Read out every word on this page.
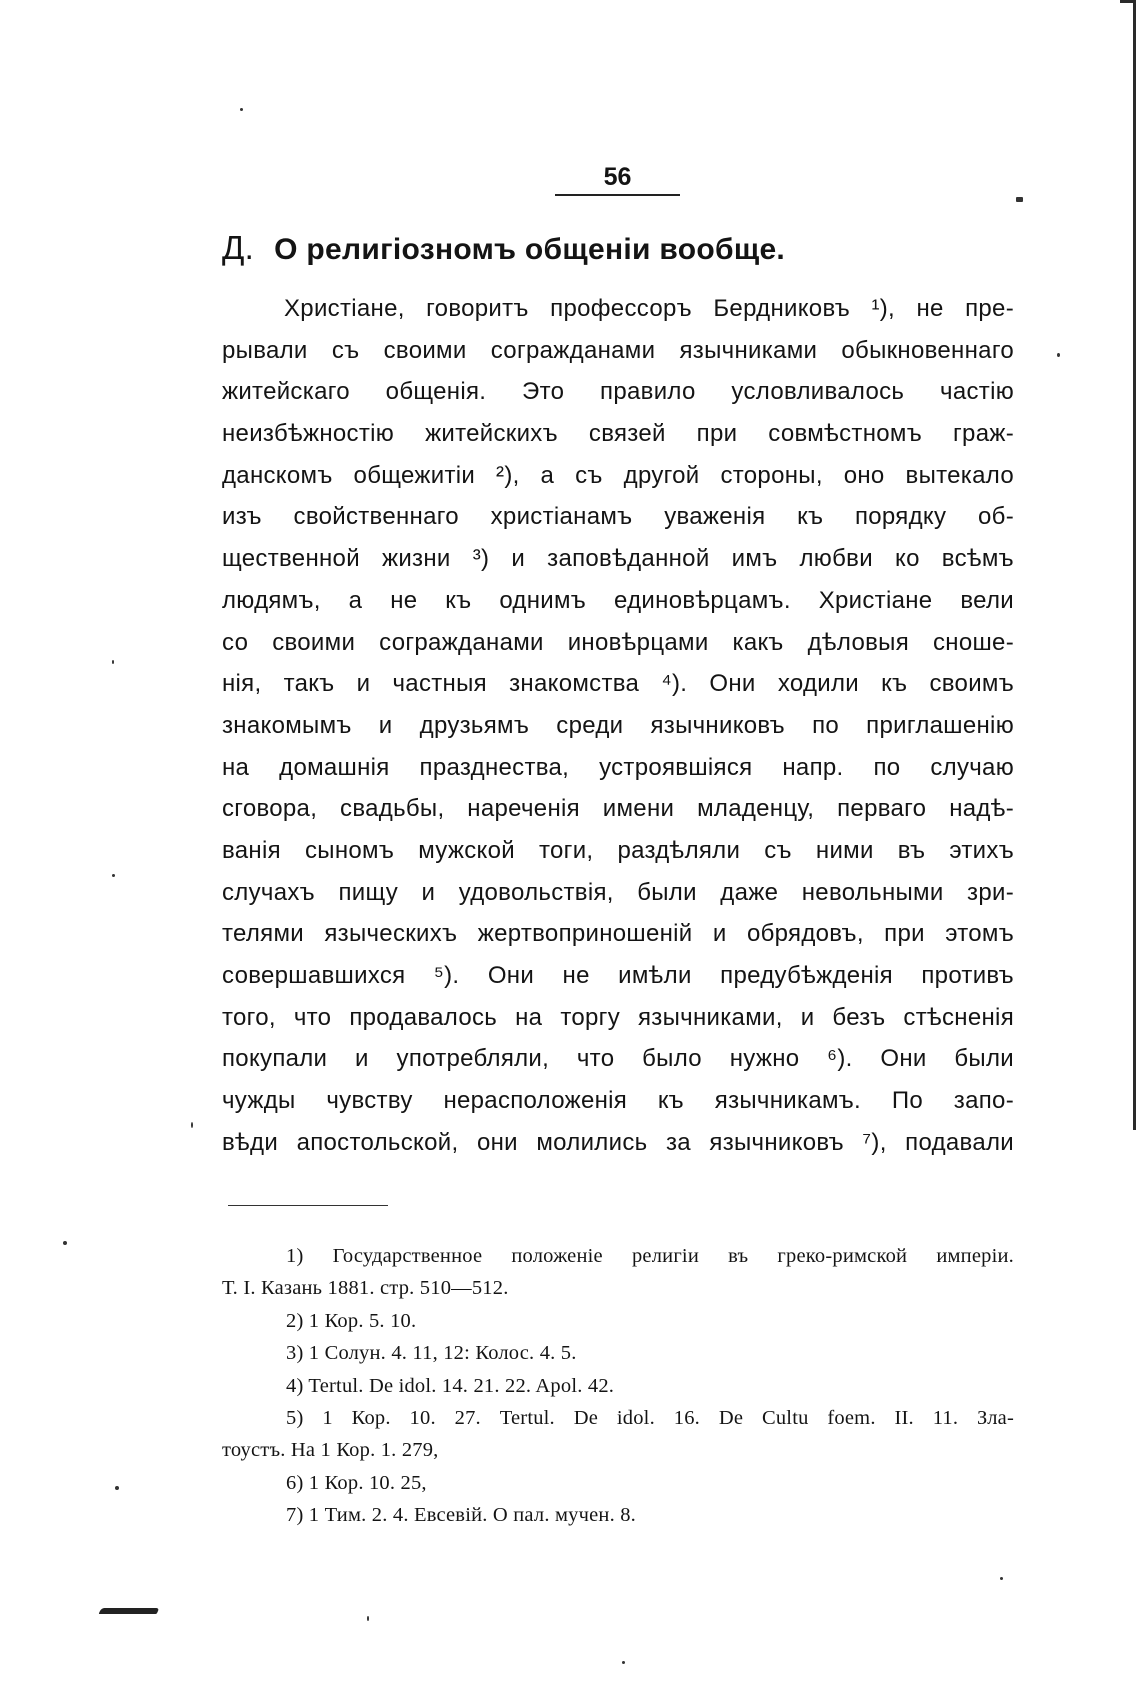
56
Д. О религіозномъ общеніи вообще.
Христіане, говоритъ профессоръ Бердниковъ ¹), не пре-
рывали съ своими согражданами язычниками обыкновеннаго
житейскаго общенія. Это правило условливалось частію
неизбѣжностію житейскихъ связей при совмѣстномъ граж-
данскомъ общежитіи ²), а съ другой стороны, оно вытекало
изъ свойственнаго христіанамъ уваженія къ порядку об-
щественной жизни ³) и заповѣданной имъ любви ко всѣмъ
людямъ, а не къ однимъ единовѣрцамъ. Христіане вели
со своими согражданами иновѣрцами какъ дѣловыя сноше-
нія, такъ и частныя знакомства ⁴). Они ходили къ своимъ
знакомымъ и друзьямъ среди язычниковъ по приглашенію
на домашнія празднества, устроявшіяся напр. по случаю
сговора, свадьбы, нареченія имени младенцу, перваго надѣ-
ванія сыномъ мужской тоги, раздѣляли съ ними въ этихъ
случахъ пищу и удовольствія, были даже невольными зри-
телями языческихъ жертвоприношеній и обрядовъ, при этомъ
совершавшихся ⁵). Они не имѣли предубѣжденія противъ
того, что продавалось на торгу язычниками, и безъ стѣсненія
покупали и употребляли, что было нужно ⁶). Они были
чужды чувству нерасположенія къ язычникамъ. По запо-
вѣди апостольской, они молились за язычниковъ ⁷), подавали
1) Государственное положеніе религіи въ греко-римской имперіи.
Т. I. Казань 1881. стр. 510—512.
2) 1 Кор. 5. 10.
3) 1 Солун. 4. 11, 12: Колос. 4. 5.
4) Tertul. De idol. 14. 21. 22. Apol. 42.
5) 1 Кор. 10. 27. Tertul. De idol. 16. De Cultu foem. II. 11. Зла-
тоустъ. На 1 Кор. 1. 279,
6) 1 Кор. 10. 25,
7) 1 Тим. 2. 4. Евсевій. О пал. мучен. 8.
